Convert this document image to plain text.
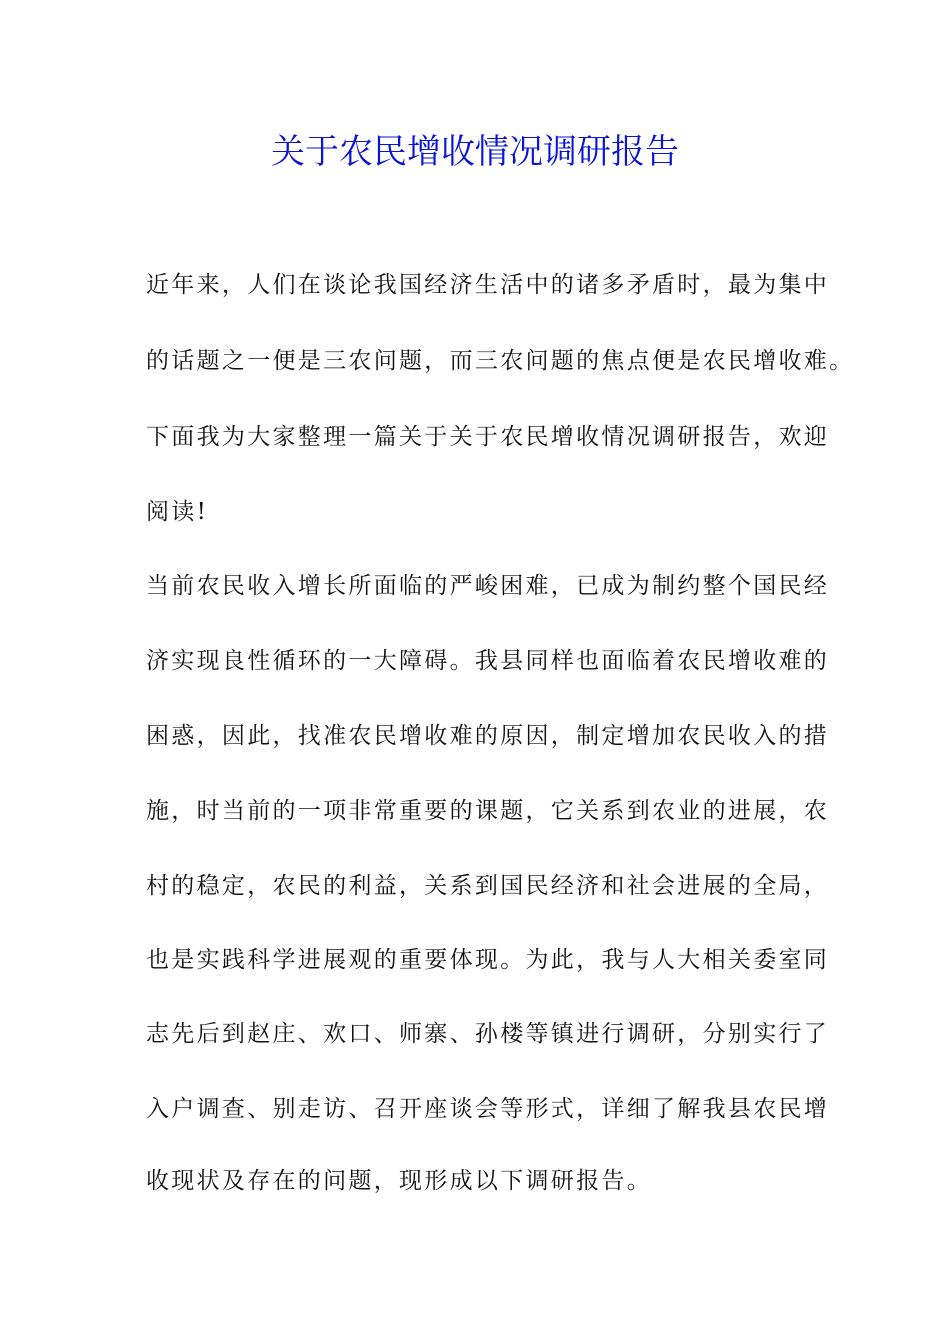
关于农民增收情况调研报告
近年来，人们在谈论我国经济生活中的诸多矛盾时，最为集中
的话题之一便是三农问题，而三农问题的焦点便是农民增收难。
下面我为大家整理一篇关于关于农民增收情况调研报告，欢迎
阅读!
当前农民收入增长所面临的严峻困难，已成为制约整个国民经
济实现良性循环的一大障碍。我县同样也面临着农民增收难的
困惑，因此，找准农民增收难的原因，制定增加农民收入的措
施，时当前的一项非常重要的课题，它关系到农业的进展，农
村的稳定，农民的利益，关系到国民经济和社会进展的全局，
也是实践科学进展观的重要体现。为此，我与人大相关委室同
志先后到赵庄、欢口、师寨、孙楼等镇进行调研，分别实行了
入户调查、别走访、召开座谈会等形式，详细了解我县农民增
收现状及存在的问题，现形成以下调研报告。
